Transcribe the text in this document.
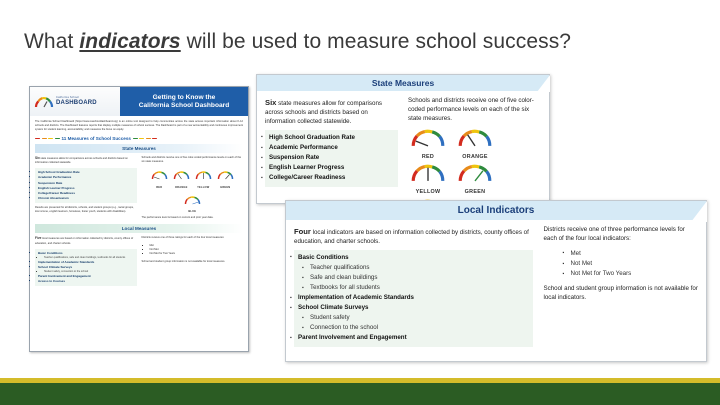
What indicators will be used to measure school success?
California School
DASHBOARD
Getting to Know the
California School Dashboard
The California School Dashboard (https://www.caschooldashboard.org) is an online tool designed to help communities across the state access important information about K-12 schools and districts. The Dashboard features reports that display multiple measures of school success. The Dashboard is part of a new accountability and continuous improvement system for student learning, accountability, and measures the focus on equity.
11 Measures of School Success
State Measures
Six state measures allow for comparisons across schools and districts based on information collected statewide.
▪ High School Graduation Rate
▪ Academic Performance
▪ Suspension Rate
▪ English Learner Progress
▪ College/Career Readiness
▪ Chronic Absenteeism
Results are presented for all districts, schools, and student groups (e.g., racial groups, low income, english learners, homeless, foster youth, students with disabilities).
Schools and districts receive one of five color-coded performance levels on each of the six state measures.
RED	ORANGE	YELLOW	GREEN
BLUE
The performance level is based on current and prior year data.
Local Measures
Five local measures are based on information collected by districts, county offices of education, and charter schools.
▪ Basic Conditions
▪ Teacher qualifications, safe and clean buildings, textbooks for all students
▪ Implementation of Academic Standards
▪ School Climate Surveys
▪ Student safety, connection to the school
▪ Parent Involvement and Engagement
▪ Access to Courses
Districts receive one of three ratings for each of the four local measures:
▪ Met
▪ Not Met
▪ Not Met for Two Years
School and student group information is not available for local measures.
State Measures
Six state measures allow for comparisons across schools and districts based on information collected statewide.
▪ High School Graduation Rate
▪ Academic Performance
▪ Suspension Rate
▪ English Learner Progress
▪ College/Career Readiness
Schools and districts receive one of five color-coded performance levels on each of the six state measures.
RED	ORANGE
YELLOW	GREEN
Local Indicators
Four local indicators are based on information collected by districts, county offices of education, and charter schools.
▪ Basic Conditions
▪ Teacher qualifications
▪ Safe and clean buildings
▪ Textbooks for all students
▪ Implementation of Academic Standards
▪ School Climate Surveys
▪ Student safety
▪ Connection to the school
▪ Parent Involvement and Engagement
Districts receive one of three performance levels for each of the four local indicators:
▪ Met
▪ Not Met
▪ Not Met for Two Years
School and student group information is not available for local indicators.
